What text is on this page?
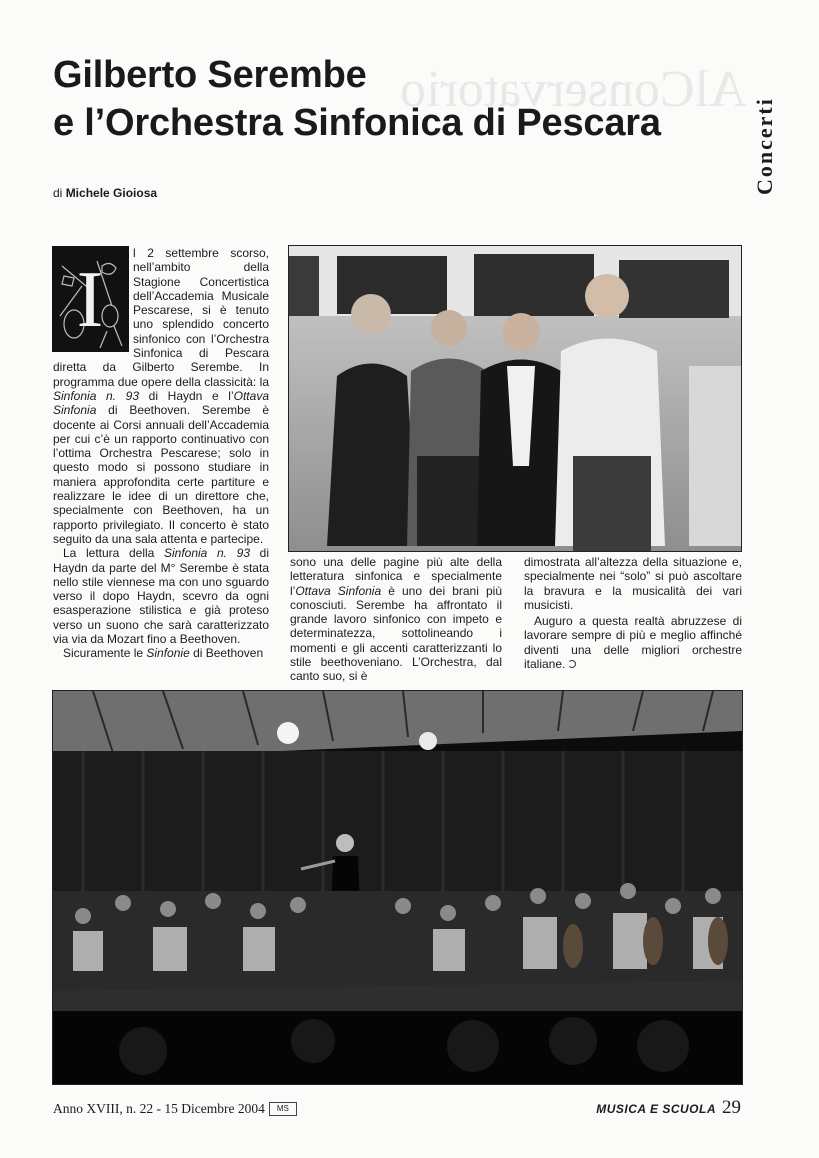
AlConservatorio
Gilberto Serembe
e l’Orchestra Sinfonica di Pescara	Concerti
di Michele Gioiosa
I

l 2 settembre scorso, nell’ambito della Stagione Concertistica dell’Accademia Musicale Pescarese, si è tenuto uno splendido concerto sinfonico con l’Orchestra Sinfonica di Pescara diretta da Gilberto Serembe. In programma due opere della classicità: la Sinfonia n. 93 di Haydn e l’Ottava Sinfonia di Beethoven. Serembe è docente ai Corsi annuali dell’Accademia per cui c’è un rapporto continuativo con l’ottima Orchestra Pescarese; solo in questo modo si possono studiare in maniera approfondita certe partiture e realizzare le idee di un direttore che, specialmente con Beethoven, ha un rapporto privilegiato. Il concerto è stato seguito da una sala attenta e partecipe.

La lettura della Sinfonia n. 93 di Haydn da parte del M° Serembe è stata nello stile viennese ma con uno sguardo verso il dopo Haydn, scevro da ogni esasperazione stilistica e già proteso verso un suono che sarà caratterizzato via via da Mozart fino a Beethoven.

Sicuramente le Sinfonie di Beethoven

sono una delle pagine più alte della letteratura sinfonica e specialmente l’Ottava Sinfonia è uno dei brani più conosciuti. Serembe ha affrontato il grande lavoro sinfonico con impeto e determinatezza, sottolineando i momenti e gli accenti caratterizzanti lo stile beethoveniano. L’Orchestra, dal canto suo, si è

dimostrata all’altezza della situazione e, specialmente nei “solo” si può ascoltare la bravura e la musicalità dei vari musicisti.

Auguro a questa realtà abruzzese di lavorare sempre di più e meglio affinché diventi una delle migliori orchestre italiane.

Anno XVIII, n. 22 - 15 Dicembre 2004	MS	MUSICA E SCUOLA 29
